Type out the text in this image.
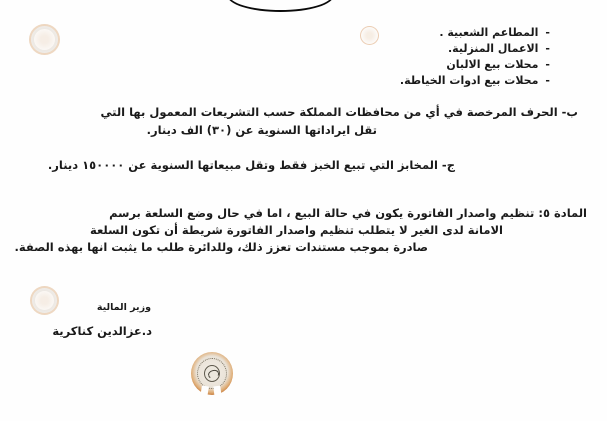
-المطاعم الشعبية .
-الاعمال المنزلية.
-محلات بيع الالبان
-محلات بيع ادوات الخياطة.
ب- الحرف المرخصة في أي من محافظات المملكة حسب التشريعات المعمول بها التي
تقل ايراداتها السنوية عن (٣٠) الف دينار.
ج- المخابز التي تبيع الخبز فقط وتقل مبيعاتها السنوية عن ١٥٠٠٠٠ دينار.
المادة ٥: تنظيم واصدار الفاتورة يكون في حالة البيع ، اما في حال وضع السلعة برسم
الامانة لدى الغير لا يتطلب تنظيم واصدار الفاتورة شريطة أن تكون السلعة
صادرة بموجب مستندات تعزز ذلك، وللدائرة طلب ما يثبت انها بهذه الصفة.
وزير المالية
د.عزالدين كناكرية
